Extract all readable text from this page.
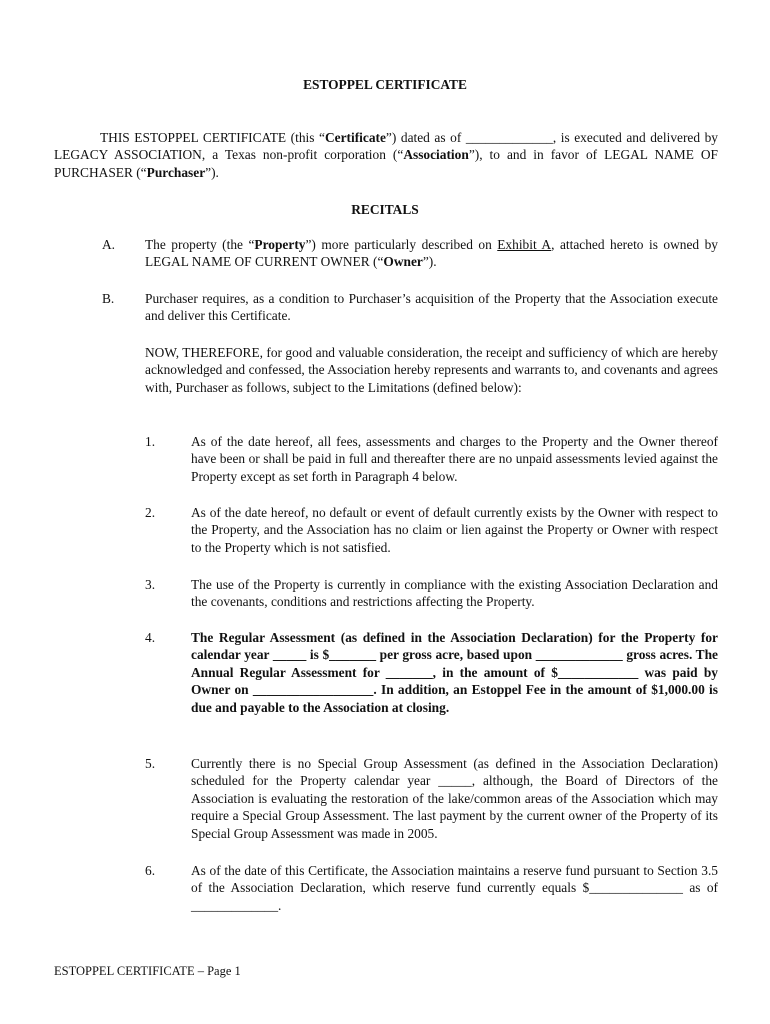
ESTOPPEL CERTIFICATE
THIS ESTOPPEL CERTIFICATE (this “Certificate”) dated as of _____________, is executed and delivered by LEGACY ASSOCIATION, a Texas non-profit corporation (“Association”), to and in favor of LEGAL NAME OF PURCHASER (“Purchaser”).
RECITALS
A. The property (the “Property”) more particularly described on Exhibit A, attached hereto is owned by LEGAL NAME OF CURRENT OWNER (“Owner”).
B. Purchaser requires, as a condition to Purchaser’s acquisition of the Property that the Association execute and deliver this Certificate.
NOW, THEREFORE, for good and valuable consideration, the receipt and sufficiency of which are hereby acknowledged and confessed, the Association hereby represents and warrants to, and covenants and agrees with, Purchaser as follows, subject to the Limitations (defined below):
1.	As of the date hereof, all fees, assessments and charges to the Property and the Owner thereof have been or shall be paid in full and thereafter there are no unpaid assessments levied against the Property except as set forth in Paragraph 4 below.
2.	As of the date hereof, no default or event of default currently exists by the Owner with respect to the Property, and the Association has no claim or lien against the Property or Owner with respect to the Property which is not satisfied.
3.	The use of the Property is currently in compliance with the existing Association Declaration and the covenants, conditions and restrictions affecting the Property.
4.	The Regular Assessment (as defined in the Association Declaration) for the Property for calendar year _____ is $_______ per gross acre, based upon _____________ gross acres. The Annual Regular Assessment for _______, in the amount of $____________ was paid by Owner on __________________. In addition, an Estoppel Fee in the amount of $1,000.00 is due and payable to the Association at closing.
5.	Currently there is no Special Group Assessment (as defined in the Association Declaration) scheduled for the Property calendar year _____, although, the Board of Directors of the Association is evaluating the restoration of the lake/common areas of the Association which may require a Special Group Assessment. The last payment by the current owner of the Property of its Special Group Assessment was made in 2005.
6.	As of the date of this Certificate, the Association maintains a reserve fund pursuant to Section 3.5 of the Association Declaration, which reserve fund currently equals $______________ as of _____________.
ESTOPPEL CERTIFICATE – Page 1
